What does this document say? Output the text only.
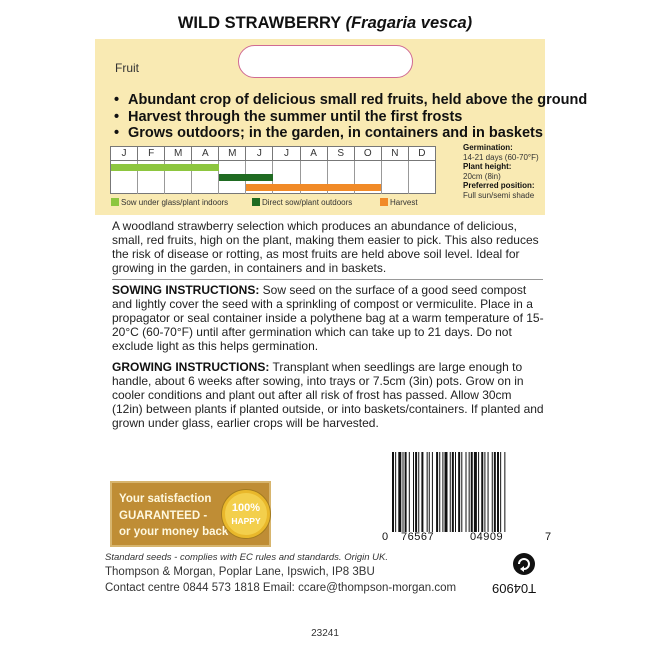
WILD STRAWBERRY (Fragaria vesca)
Fruit
• Abundant crop of delicious small red fruits, held above the ground
• Harvest through the summer until the first frosts
• Grows outdoors; in the garden, in containers and in baskets
J	F	M	A	M	J	J	A	S	O	N	D
Sow under glass/plant indoors	Direct sow/plant outdoors	Harvest
Germination:
14-21 days (60-70°F)
Plant height:
20cm (8in)
Preferred position:
Full sun/semi shade

A woodland strawberry selection which produces an abundance of delicious, small, red fruits, high on the plant, making them easier to pick. This also reduces the risk of disease or rotting, as most fruits are held above soil level. Ideal for growing in the garden, in containers and in baskets.

SOWING INSTRUCTIONS: Sow seed on the surface of a good seed compost and lightly cover the seed with a sprinkling of compost or vermiculite. Place in a propagator or seal container inside a polythene bag at a warm temperature of 15-20°C (60-70°F) until after germination which can take up to 21 days. Do not exclude light as this helps germination.

GROWING INSTRUCTIONS: Transplant when seedlings are large enough to handle, about 6 weeks after sowing, into trays or 7.5cm (3in) pots. Grow on in cooler conditions and plant out after all risk of frost has passed. Allow 30cm (12in) between plants if planted outside, or into baskets/containers. If planted and grown under glass, earlier crops will be harvested.

Your satisfaction
GUARANTEED -
or your money back
100%
HAPPY
0 76567	04909	7
Standard seeds - complies with EC rules and standards. Origin UK.
Thompson & Morgan, Poplar Lane, Ipswich, IP8 3BU
Contact centre 0844 573 1818 Email: ccare@thompson-morgan.com	T04909
23241
